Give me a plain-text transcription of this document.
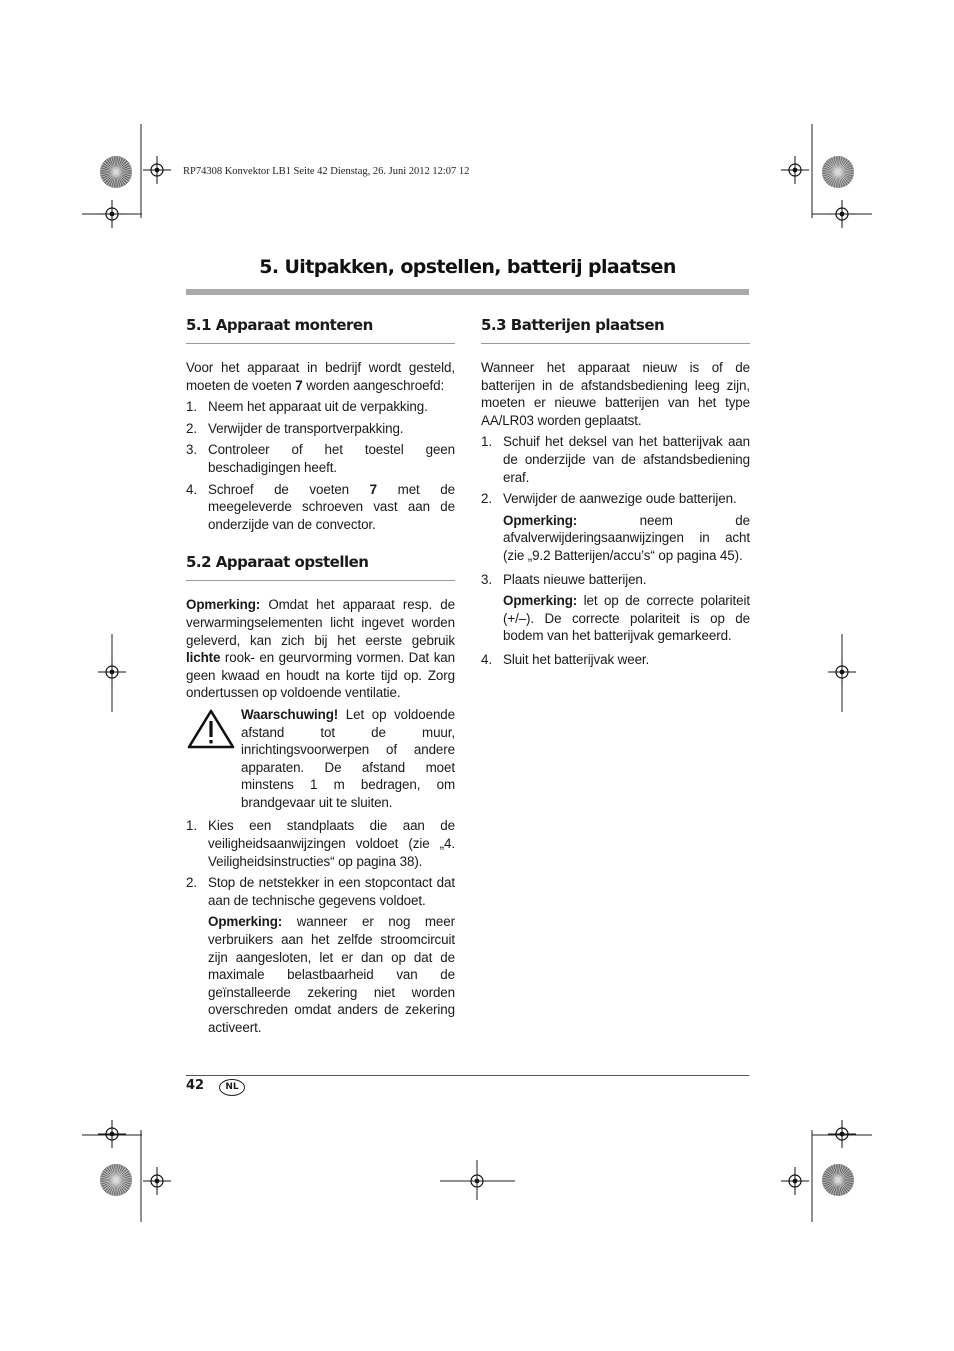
RP74308 Konvektor LB1 Seite 42 Dienstag, 26. Juni 2012 12:07 12
5. Uitpakken, opstellen, batterij plaatsen
5.1 Apparaat monteren

Voor het apparaat in bedrijf wordt gesteld, moeten de voeten 7 worden aangeschroefd:

1. Neem het apparaat uit de verpakking.
2. Verwijder de transportverpakking.
3. Controleer of het toestel geen beschadigingen heeft.
4. Schroef de voeten 7 met de meegeleverde schroeven vast aan de onderzijde van de convector.
5.2 Apparaat opstellen

Opmerking: Omdat het apparaat resp. de verwarmingselementen licht ingevet worden geleverd, kan zich bij het eerste gebruik lichte rook- en geurvorming vormen. Dat kan geen kwaad en houdt na korte tijd op. Zorg ondertussen op voldoende ventilatie.

Waarschuwing! Let op voldoende afstand tot de muur, inrichtingsvoorwerpen of andere apparaten. De afstand moet minstens 1 m bedragen, om brandgevaar uit te sluiten.

1. Kies een standplaats die aan de veiligheidsaanwijzingen voldoet (zie „4. Veiligheidsinstructies“ op pagina 38).
2. Stop de netstekker in een stopcontact dat aan de technische gegevens voldoet.

Opmerking: wanneer er nog meer verbruikers aan het zelfde stroomcircuit zijn aangesloten, let er dan op dat de maximale belastbaarheid van de geïnstalleerde zekering niet worden overschreden omdat anders de zekering activeert.

5.3 Batterijen plaatsen

Wanneer het apparaat nieuw is of de batterijen in de afstandsbediening leeg zijn, moeten er nieuwe batterijen van het type AA/LR03 worden geplaatst.

1. Schuif het deksel van het batterijvak aan de onderzijde van de afstandsbediening eraf.
2. Verwijder de aanwezige oude batterijen.

Opmerking: neem de afvalverwijderingsaanwijzingen in acht (zie „9.2 Batterijen/accu’s“ op pagina 45).

3. Plaats nieuwe batterijen.

Opmerking: let op de correcte polariteit (+/–). De correcte polariteit is op de bodem van het batterijvak gemarkeerd.

4. Sluit het batterijvak weer.
42	NL
